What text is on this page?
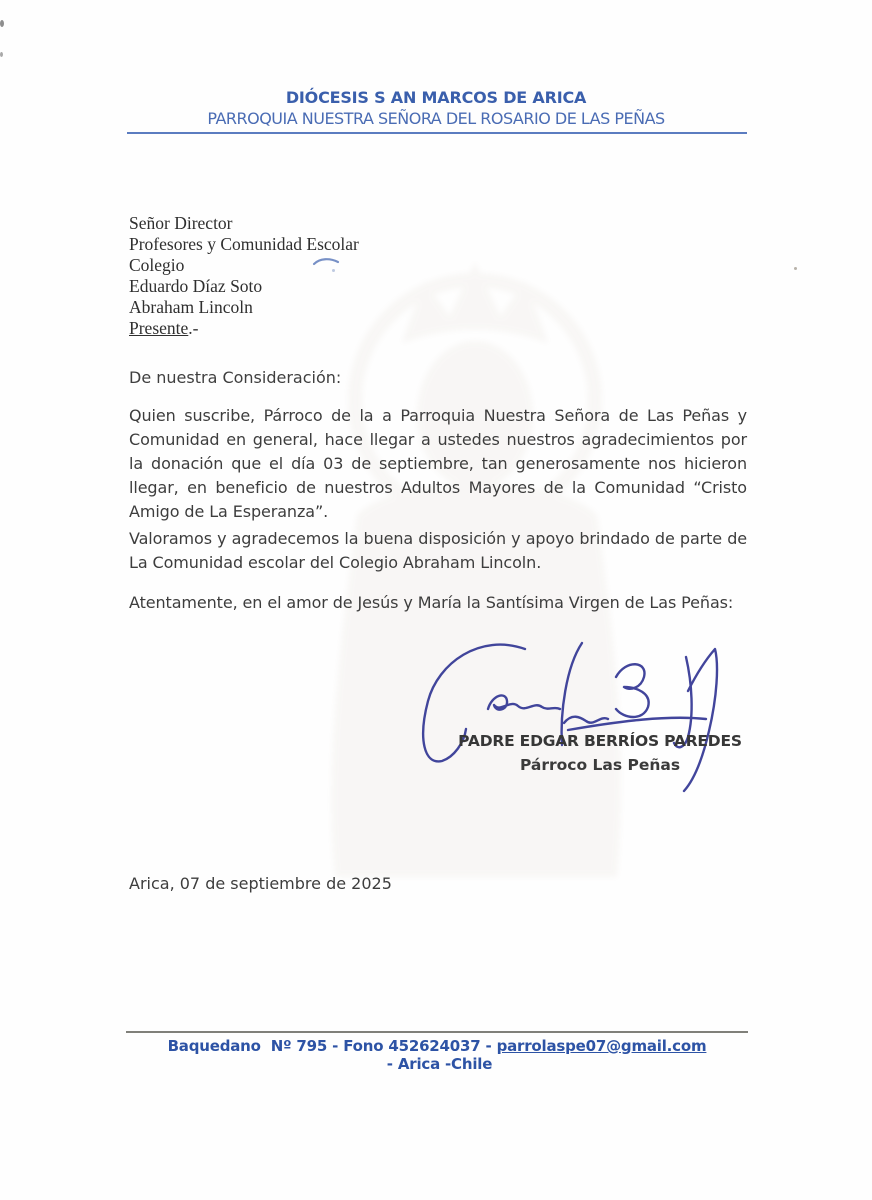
DIÓCESIS S AN MARCOS DE ARICA
PARROQUIA NUESTRA SEÑORA DEL ROSARIO DE LAS PEÑAS
Señor Director
Profesores y Comunidad Escolar
Colegio
Eduardo Díaz Soto
Abraham Lincoln
Presente.-
De nuestra Consideración:

Quien suscribe, Párroco de la a Parroquia Nuestra Señora de Las Peñas y Comunidad en general, hace llegar a ustedes nuestros agradecimientos por la donación que el día 03 de septiembre, tan generosamente nos hicieron llegar, en beneficio de nuestros Adultos Mayores de la Comunidad “Cristo Amigo de La Esperanza”.

Valoramos y agradecemos la buena disposición y apoyo brindado de parte de La Comunidad escolar del Colegio Abraham Lincoln.

Atentamente, en el amor de Jesús y María la Santísima Virgen de Las Peñas:

PADRE EDGAR BERRÍOS PAREDES
Párroco Las Peñas
Arica, 07 de septiembre de 2025
Baquedano  Nº 795 - Fono 452624037 - parrolaspe07@gmail.com - Arica -Chile
